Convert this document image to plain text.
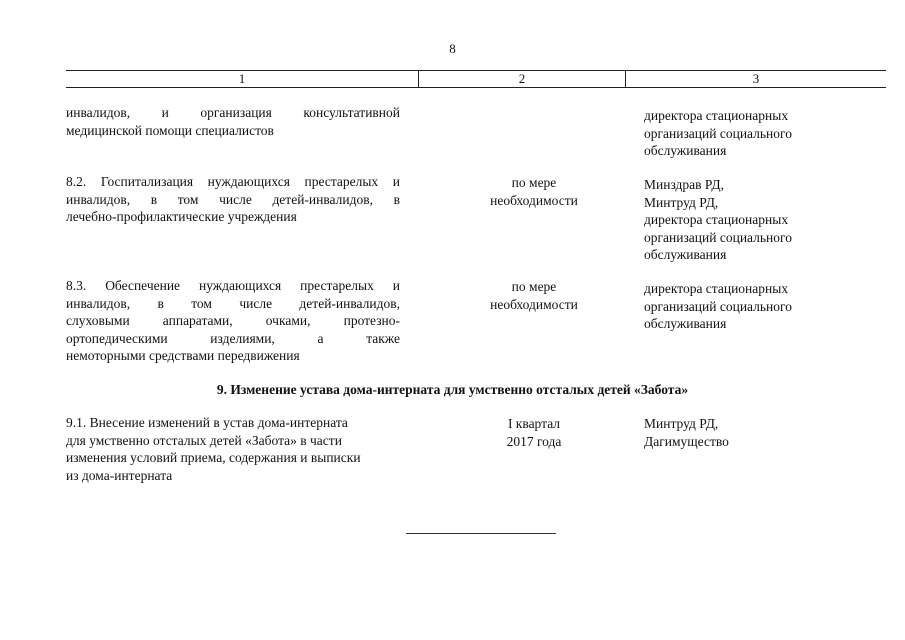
8
1	2	3
инвалидов, и организация консультативной
медицинской помощи специалистов
директора стационарных
организаций социального
обслуживания
8.2. Госпитализация нуждающихся престарелых и
инвалидов, в том числе детей-инвалидов, в
лечебно-профилактические учреждения
по мере
необходимости
Минздрав РД,
Минтруд РД,
директора стационарных
организаций социального
обслуживания
8.3. Обеспечение нуждающихся престарелых и
инвалидов, в том числе детей-инвалидов,
слуховыми аппаратами, очками, протезно-
ортопедическими изделиями, а также
немоторными средствами передвижения
по мере
необходимости
директора стационарных
организаций социального
обслуживания
9. Изменение устава дома-интерната для умственно отсталых детей «Забота»
9.1. Внесение изменений в устав дома-интерната
для умственно отсталых детей «Забота» в части
изменения условий приема, содержания и выписки
из дома-интерната
I квартал
2017 года
Минтруд РД,
Дагимущество
